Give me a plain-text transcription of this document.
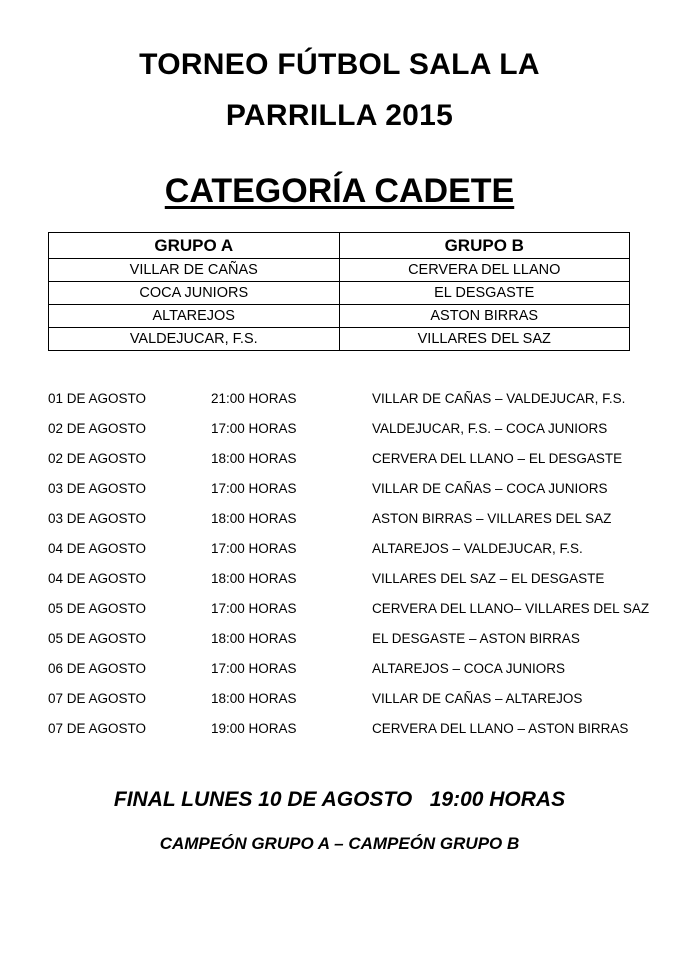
TORNEO FÚTBOL SALA LA
PARRILLA 2015
CATEGORÍA CADETE
GRUPO A	GRUPO B
VILLAR DE CAÑAS	CERVERA DEL LLANO
COCA JUNIORS	EL DESGASTE
ALTAREJOS	ASTON BIRRAS
VALDEJUCAR, F.S.	VILLARES DEL SAZ
01 DE AGOSTO	21:00 HORAS	VILLAR DE CAÑAS – VALDEJUCAR, F.S.
02 DE AGOSTO	17:00 HORAS	VALDEJUCAR, F.S. – COCA JUNIORS
02 DE AGOSTO	18:00 HORAS	CERVERA DEL LLANO – EL DESGASTE
03 DE AGOSTO	17:00 HORAS	VILLAR DE CAÑAS – COCA JUNIORS
03 DE AGOSTO	18:00 HORAS	ASTON BIRRAS – VILLARES DEL SAZ
04 DE AGOSTO	17:00 HORAS	ALTAREJOS – VALDEJUCAR, F.S.
04 DE AGOSTO	18:00 HORAS	VILLARES DEL SAZ – EL DESGASTE
05 DE AGOSTO	17:00 HORAS	CERVERA DEL LLANO– VILLARES DEL SAZ
05 DE AGOSTO	18:00 HORAS	EL DESGASTE – ASTON BIRRAS
06 DE AGOSTO	17:00 HORAS	ALTAREJOS – COCA JUNIORS
07 DE AGOSTO	18:00 HORAS	VILLAR DE CAÑAS – ALTAREJOS
07 DE AGOSTO	19:00 HORAS	CERVERA DEL LLANO – ASTON BIRRAS
FINAL LUNES 10 DE AGOSTO   19:00 HORAS
CAMPEÓN GRUPO A – CAMPEÓN GRUPO B
